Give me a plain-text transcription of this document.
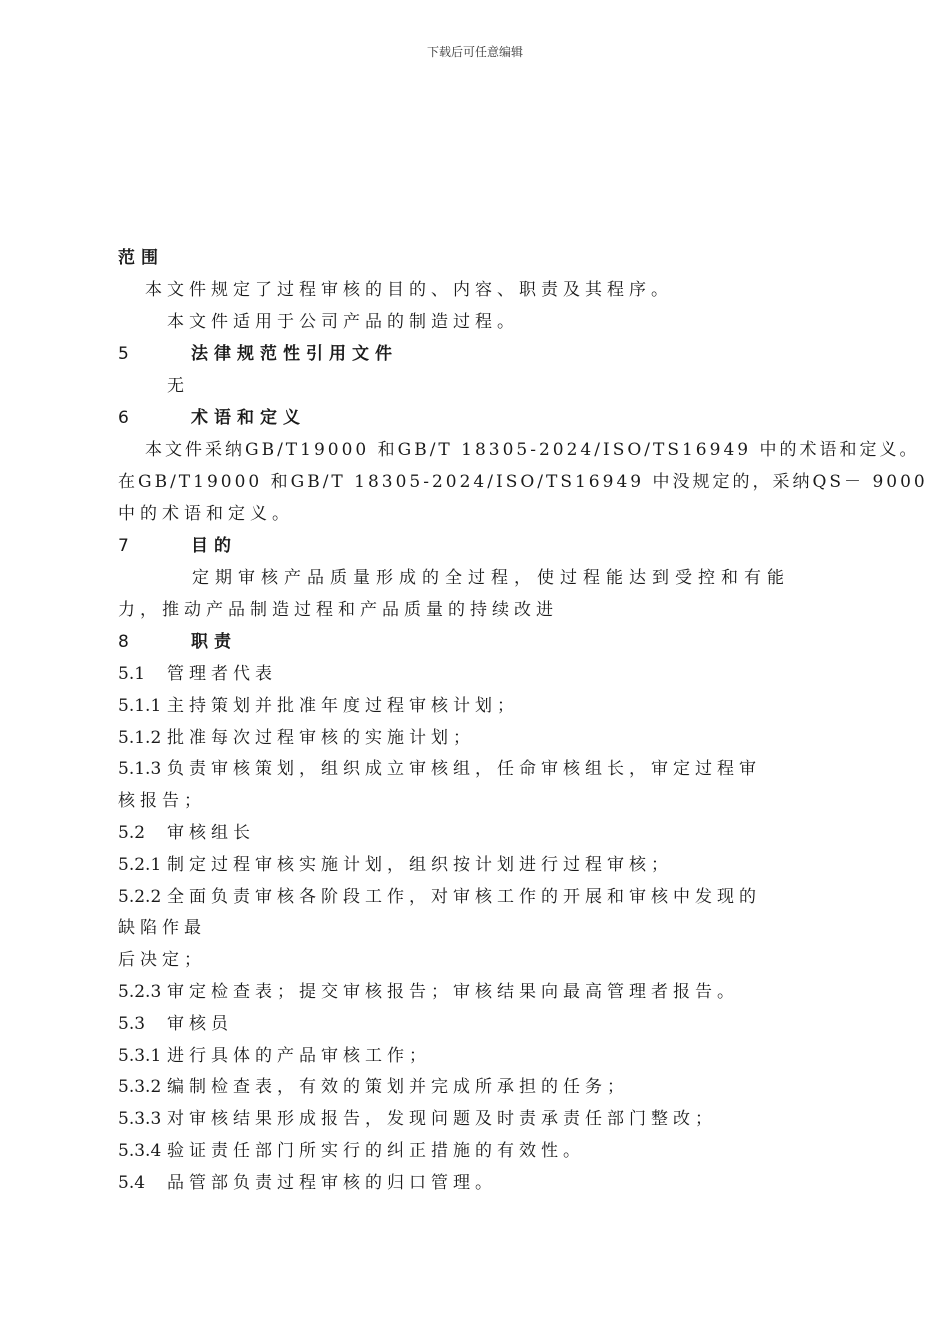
下载后可任意编辑
范围
本文件规定了过程审核的目的、内容、职责及其程序。
本文件适用于公司产品的制造过程。
5	法律规范性引用文件
无
6	术语和定义
本文件采纳GB/T19000 和GB/T 18305-2024/ISO/TS16949 中的术语和定义。
在GB/T19000 和GB/T 18305-2024/ISO/TS16949 中没规定的，采纳QS－ 9000
中的术语和定义。
7	目的
定期审核产品质量形成的全过程，使过程能达到受控和有能
力，推动产品制造过程和产品质量的持续改进
8	职责
5.1 管理者代表
5.1.1 主持策划并批准年度过程审核计划；
5.1.2 批准每次过程审核的实施计划；
5.1.3 负责审核策划，组织成立审核组，任命审核组长，审定过程审
核报告；
5.2 审核组长
5.2.1 制定过程审核实施计划，组织按计划进行过程审核；
5.2.2 全面负责审核各阶段工作，对审核工作的开展和审核中发现的
缺陷作最
后决定；
5.2.3 审定检查表；提交审核报告；审核结果向最高管理者报告。
5.3 审核员
5.3.1 进行具体的产品审核工作；
5.3.2 编制检查表，有效的策划并完成所承担的任务；
5.3.3 对审核结果形成报告，发现问题及时责承责任部门整改；
5.3.4 验证责任部门所实行的纠正措施的有效性。
5.4 品管部负责过程审核的归口管理。
